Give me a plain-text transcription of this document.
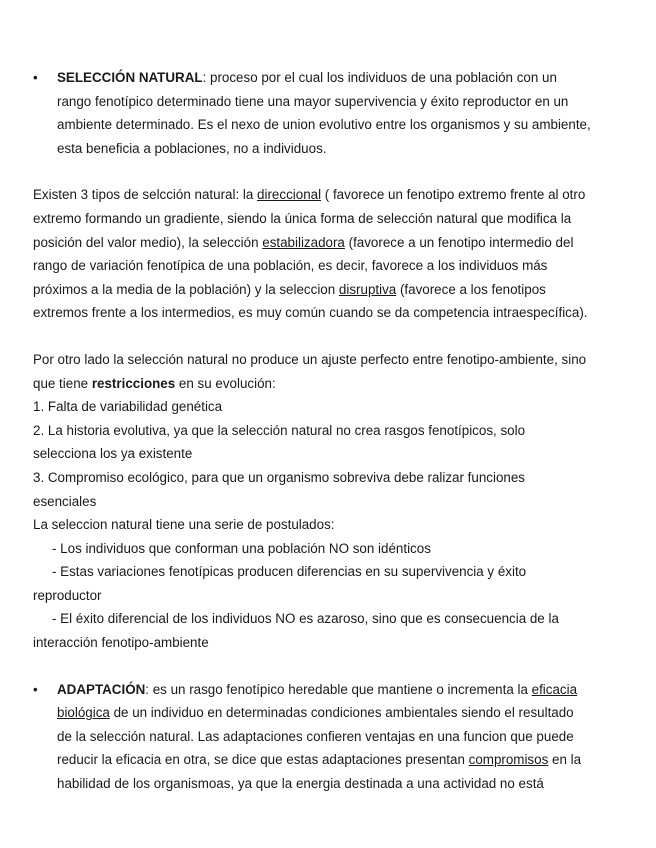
•	SELECCIÓN NATURAL: proceso por el cual los individuos de una población con un
rango fenotípico determinado tiene una mayor supervivencia y éxito reproductor en un
ambiente determinado. Es el nexo de union evolutivo entre los organismos y su ambiente,
esta beneficia a poblaciones, no a individuos.
Existen 3 tipos de selcción natural: la direccional ( favorece un fenotipo extremo frente al otro
extremo formando un gradiente, siendo la única forma de selección natural que modifica la
posición del valor medio), la selección estabilizadora (favorece a un fenotipo intermedio del
rango de variación fenotípica de una población, es decir, favorece a los individuos más
próximos a la media de la población) y la seleccion disruptiva (favorece a los fenotipos
extremos frente a los intermedios, es muy común cuando se da competencia intraespecífica).
Por otro lado la selección natural no produce un ajuste perfecto entre fenotipo-ambiente, sino
que tiene restricciones en su evolución:
1. Falta de variabilidad genética
2. La historia evolutiva, ya que la selección natural no crea rasgos fenotípicos, solo
selecciona los ya existente
3. Compromiso ecológico, para que un organismo sobreviva debe ralizar funciones
esenciales
La seleccion natural tiene una serie de postulados:
- Los individuos que conforman una población NO son idénticos
- Estas variaciones fenotípicas producen diferencias en su supervivencia y éxito
reproductor
- El éxito diferencial de los individuos NO es azaroso, sino que es consecuencia de la
interacción fenotipo-ambiente
•	ADAPTACIÓN: es un rasgo fenotípico heredable que mantiene o incrementa la eficacia
biológica de un individuo en determinadas condiciones ambientales siendo el resultado
de la selección natural. Las adaptaciones confieren ventajas en una funcion que puede
reducir la eficacia en otra, se dice que estas adaptaciones presentan compromisos en la
habilidad de los organismoas, ya que la energia destinada a una actividad no está
